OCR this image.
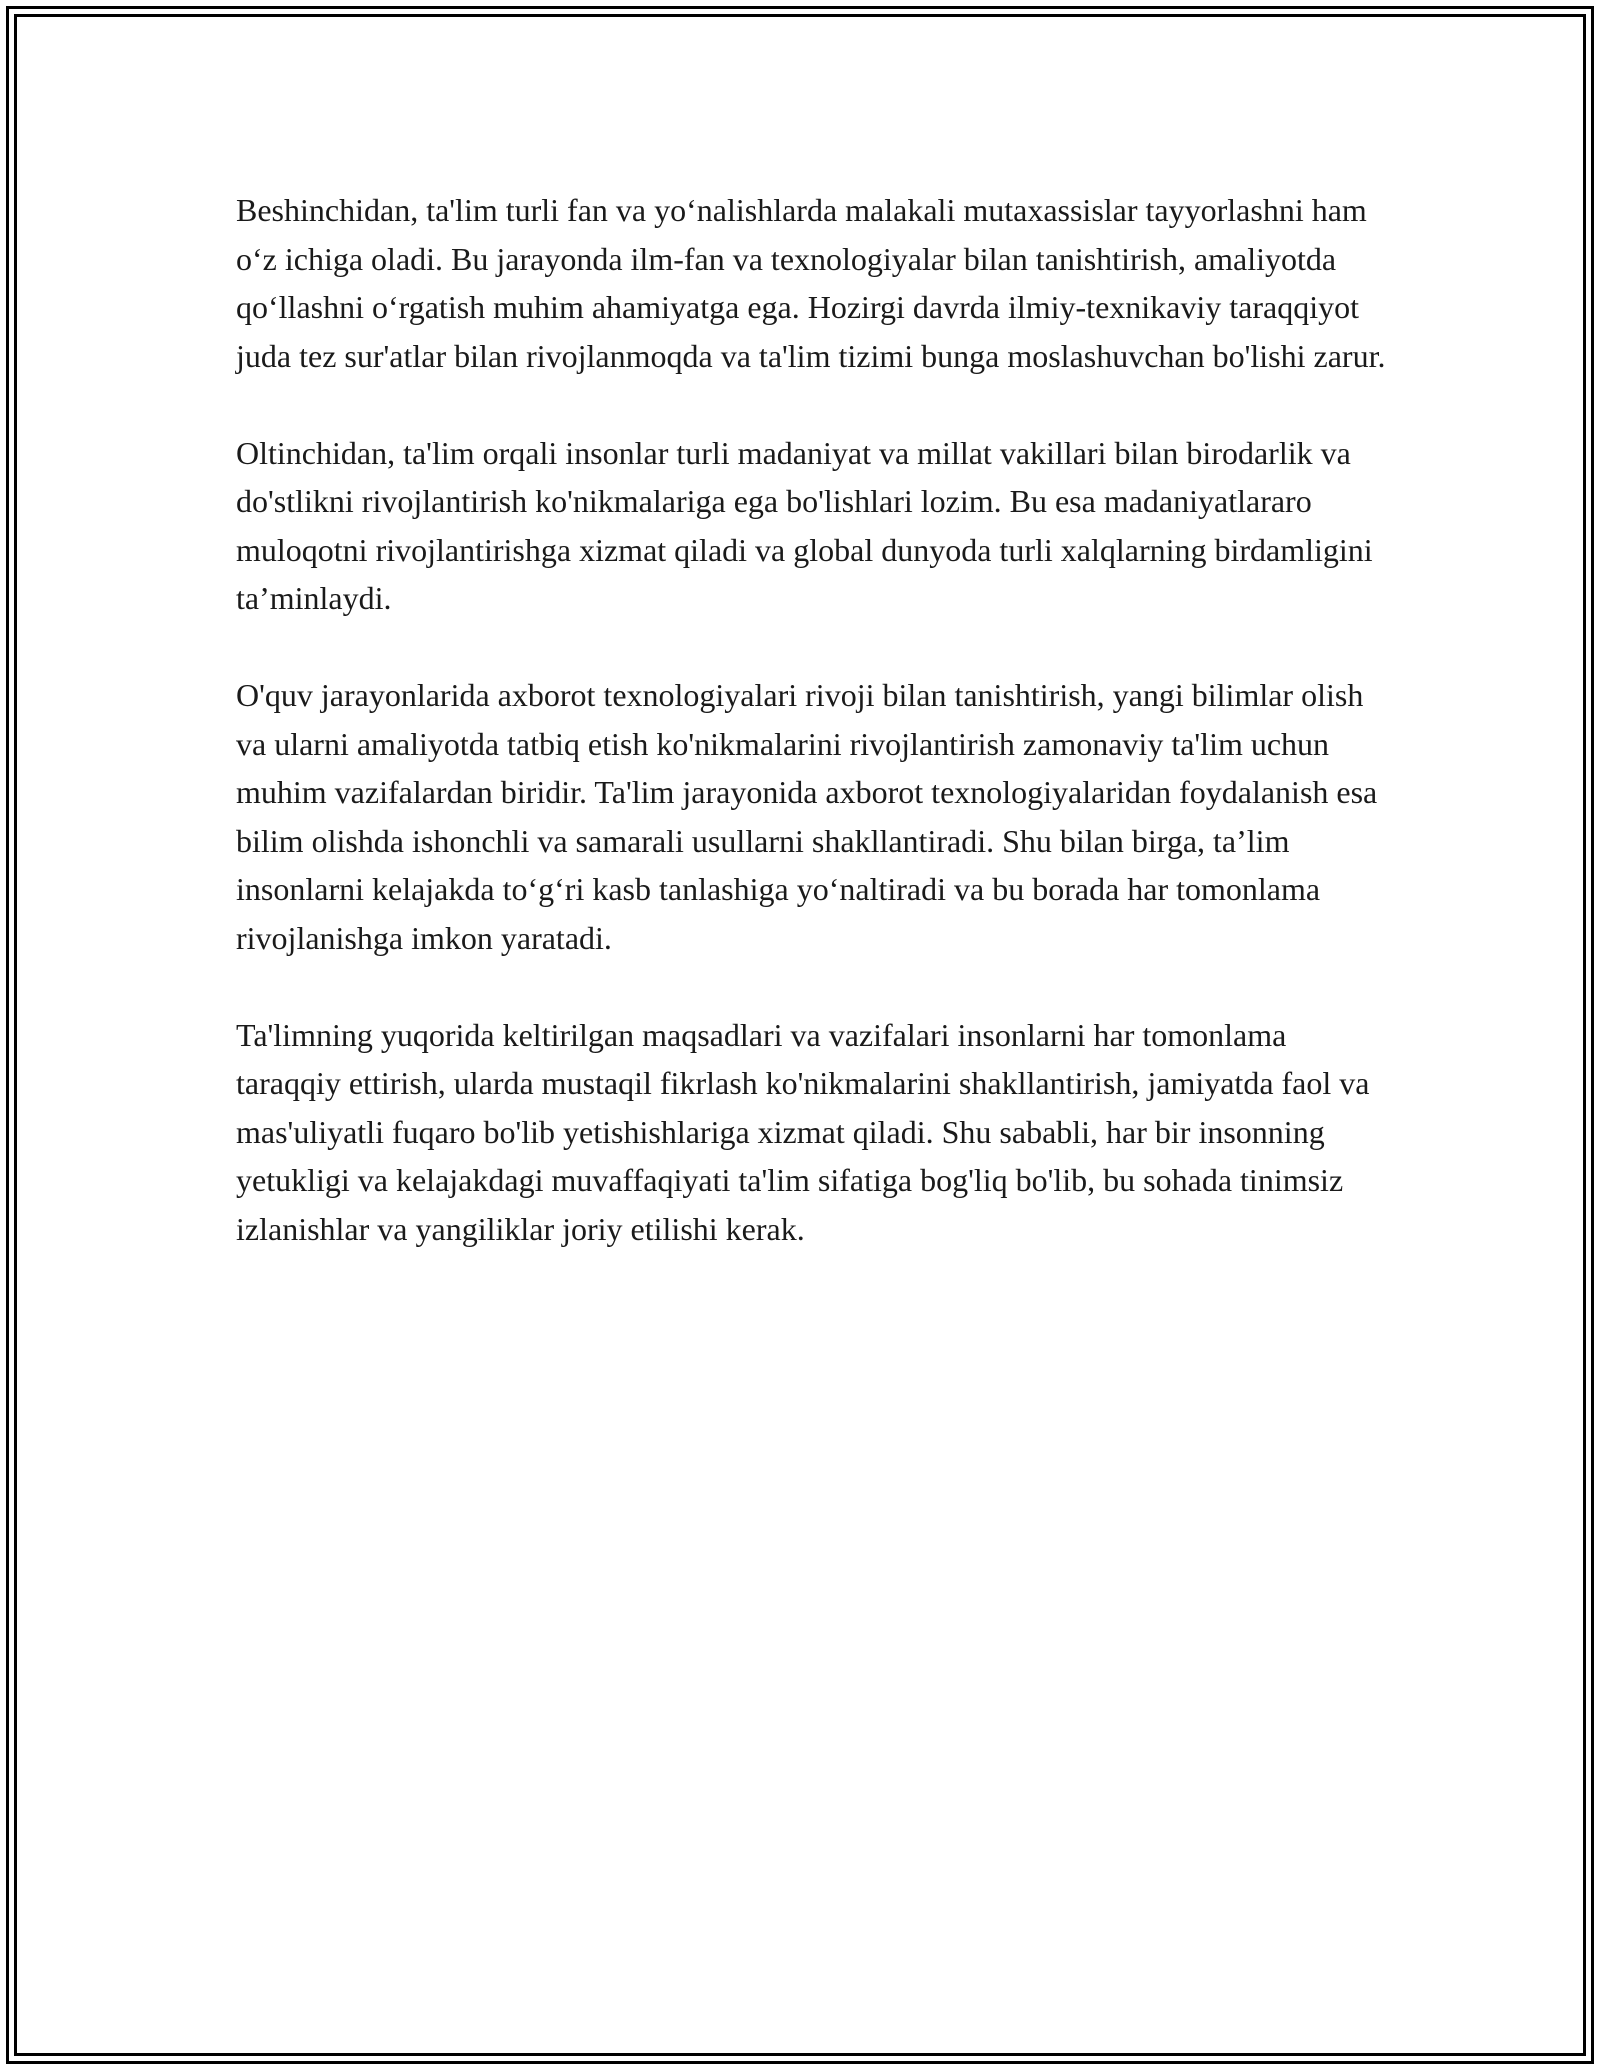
Beshinchidan, ta'lim turli fan va yo‘nalishlarda malakali mutaxassislar tayyorlashni ham o‘z ichiga oladi. Bu jarayonda ilm-fan va texnologiyalar bilan tanishtirish, amaliyotda qo‘llashni o‘rgatish muhim ahamiyatga ega. Hozirgi davrda ilmiy-texnikaviy taraqqiyot juda tez sur'atlar bilan rivojlanmoqda va ta'lim tizimi bunga moslashuvchan bo'lishi zarur.

Oltinchidan, ta'lim orqali insonlar turli madaniyat va millat vakillari bilan birodarlik va do'stlikni rivojlantirish ko'nikmalariga ega bo'lishlari lozim. Bu esa madaniyatlararo muloqotni rivojlantirishga xizmat qiladi va global dunyoda turli xalqlarning birdamligini ta’minlaydi.

O'quv jarayonlarida axborot texnologiyalari rivoji bilan tanishtirish, yangi bilimlar olish va ularni amaliyotda tatbiq etish ko'nikmalarini rivojlantirish zamonaviy ta'lim uchun muhim vazifalardan biridir. Ta'lim jarayonida axborot texnologiyalaridan foydalanish esa bilim olishda ishonchli va samarali usullarni shakllantiradi. Shu bilan birga, ta’lim insonlarni kelajakda to‘g‘ri kasb tanlashiga yo‘naltiradi va bu borada har tomonlama rivojlanishga imkon yaratadi.

Ta'limning yuqorida keltirilgan maqsadlari va vazifalari insonlarni har tomonlama taraqqiy ettirish, ularda mustaqil fikrlash ko'nikmalarini shakllantirish, jamiyatda faol va mas'uliyatli fuqaro bo'lib yetishishlariga xizmat qiladi. Shu sababli, har bir insonning yetukligi va kelajakdagi muvaffaqiyati ta'lim sifatiga bog'liq bo'lib, bu sohada tinimsiz izlanishlar va yangiliklar joriy etilishi kerak.
